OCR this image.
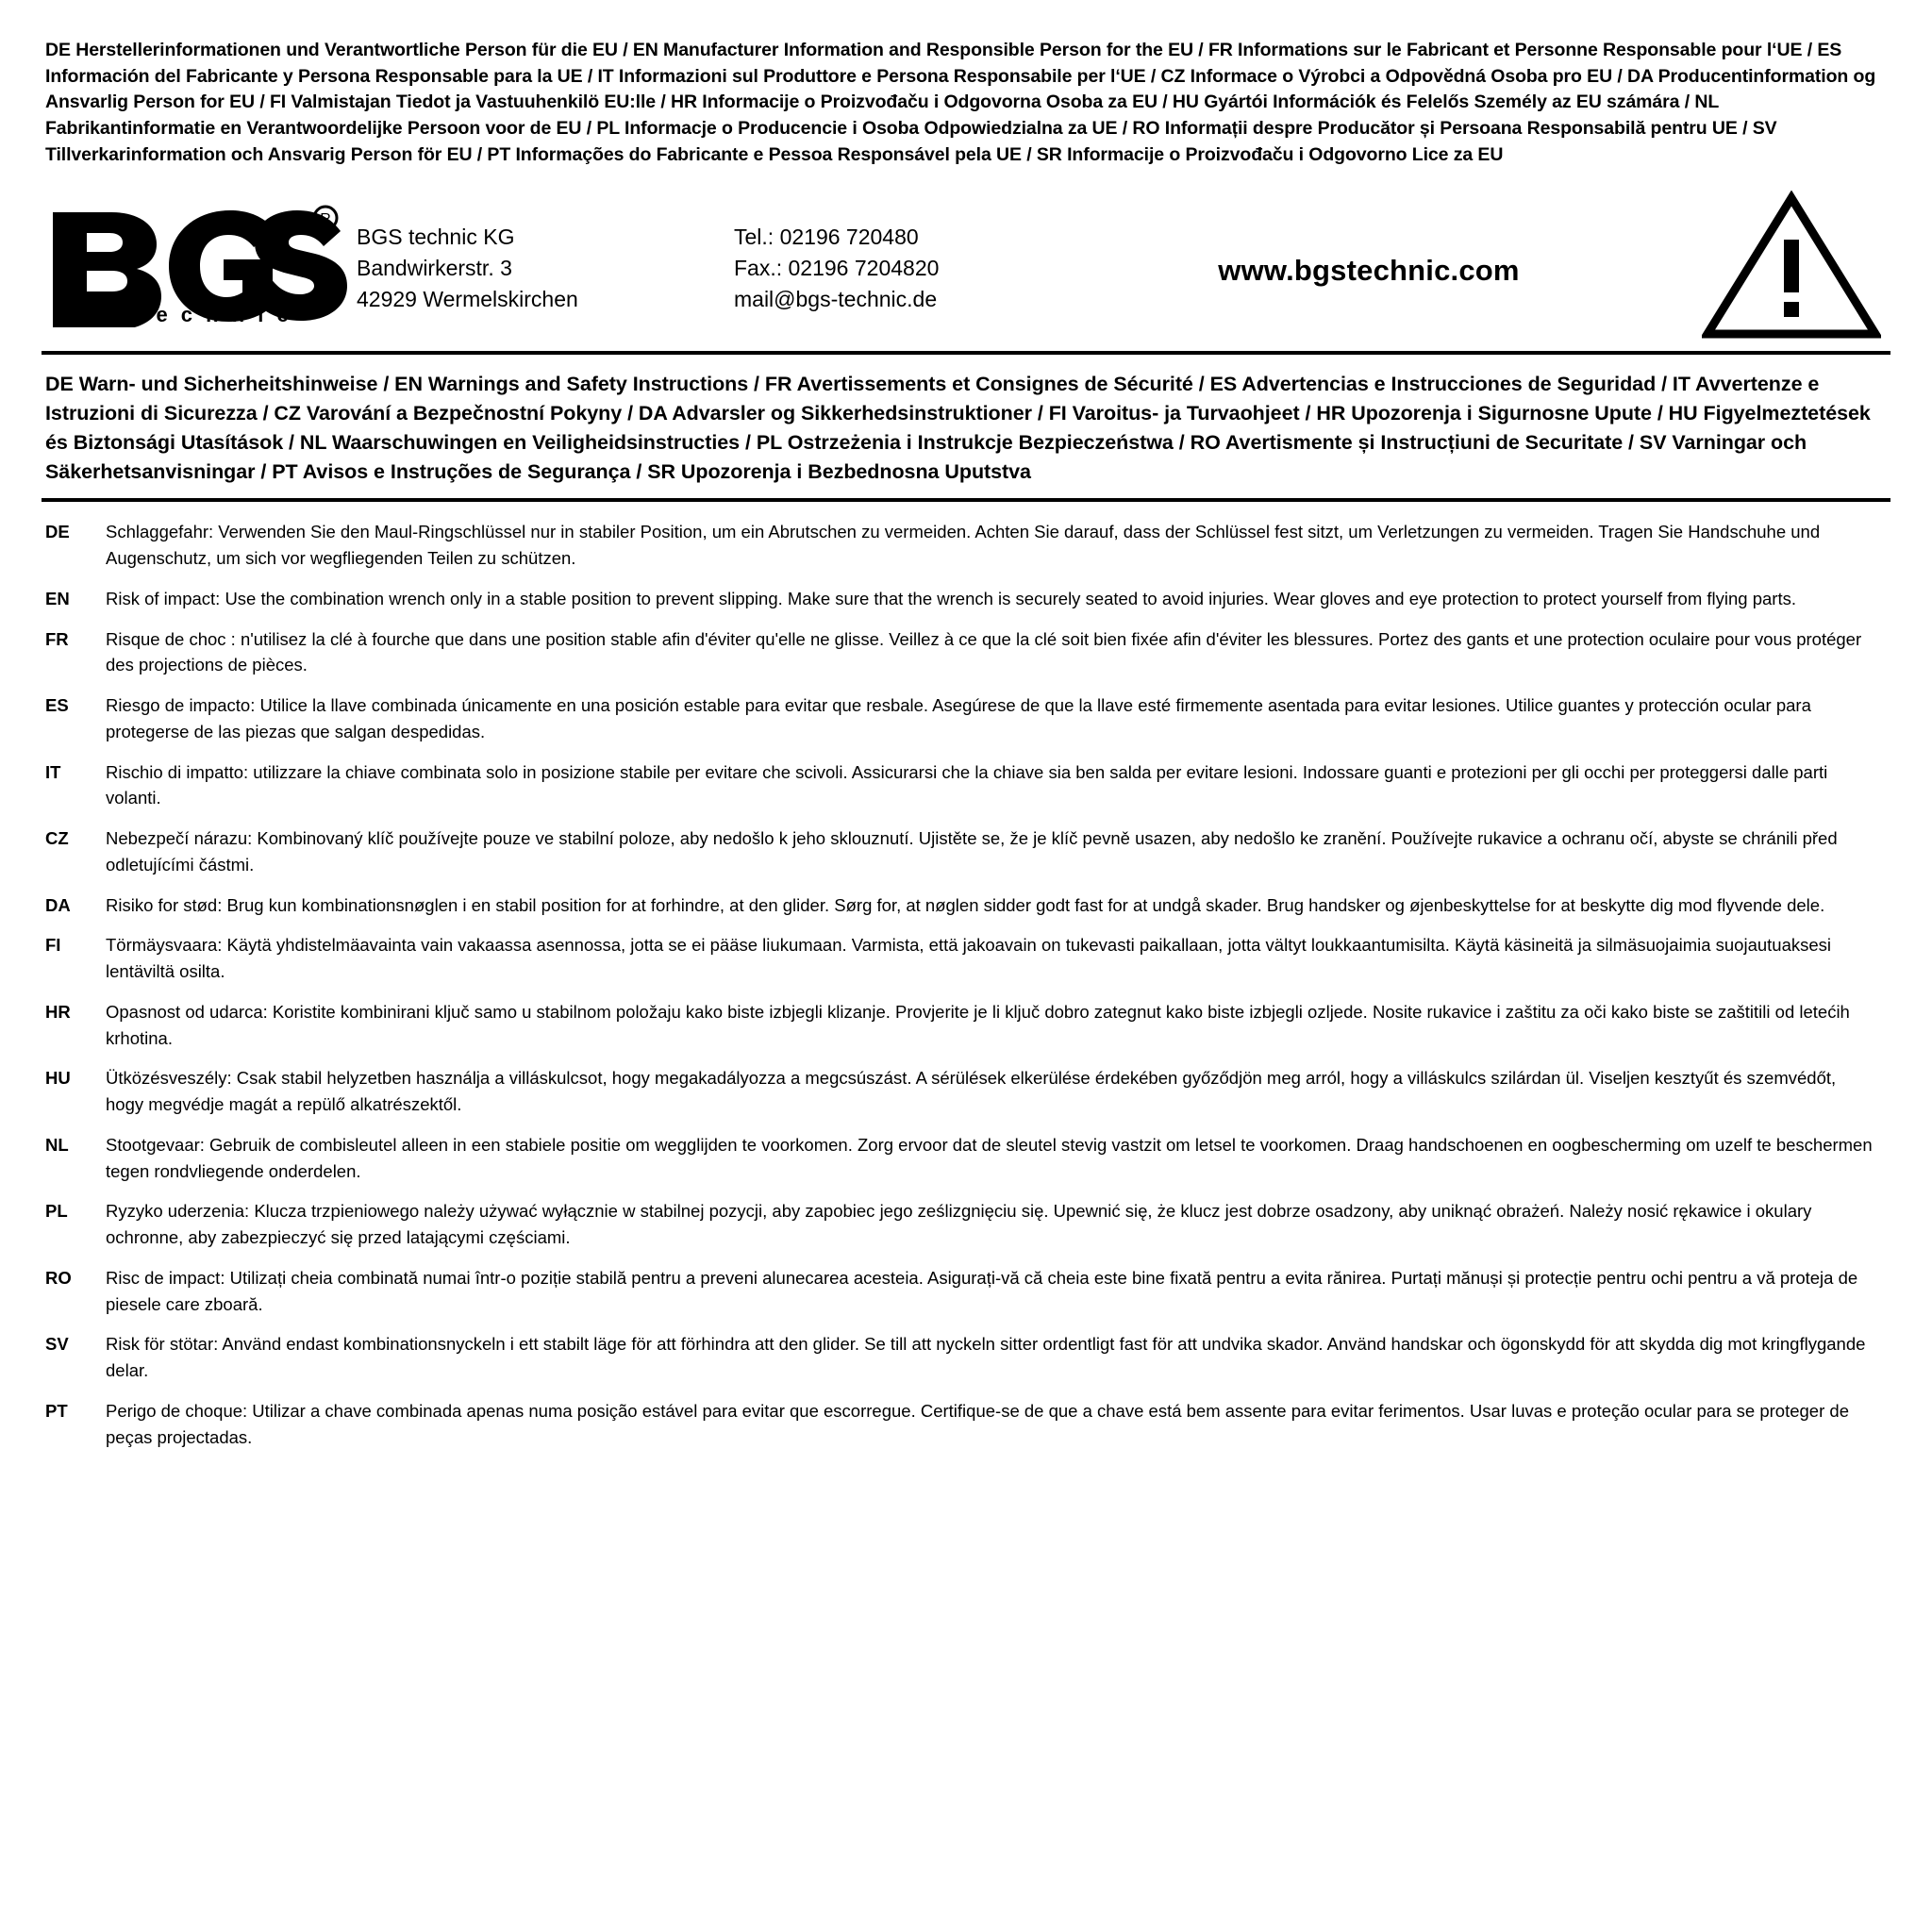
DE Herstellerinformationen und Verantwortliche Person für die EU / EN Manufacturer Information and Responsible Person for the EU / FR Informations sur le Fabricant et Personne Responsable pour l‘UE / ES Información del Fabricante y Persona Responsable para la UE / IT Informazioni sul Produttore e Persona Responsabile per l‘UE / CZ Informace o Výrobci a Odpovědná Osoba pro EU / DA Producentinformation og Ansvarlig Person for EU / FI Valmistajan Tiedot ja Vastuuhenkilö EU:lle / HR Informacije o Proizvođaču i Odgovorna Osoba za EU / HU Gyártói Információk és Felelős Személy az EU számára / NL Fabrikantinformatie en Verantwoordelijke Persoon voor de EU / PL Informacje o Producencie i Osoba Odpowiedzialna za UE / RO Informații despre Producător și Persoana Responsabilă pentru UE / SV Tillverkarinformation och Ansvarig Person för EU / PT Informações do Fabricante e Pessoa Responsável pela UE / SR Informacije o Proizvođaču i Odgovorno Lice za EU
R
t e c h n i c
BGS technic KG
Bandwirkerstr. 3
42929 Wermelskirchen
Tel.: 02196 720480
Fax.: 02196 7204820
mail@bgs-technic.de
www.bgstechnic.com
DE Warn- und Sicherheitshinweise / EN Warnings and Safety Instructions / FR Avertissements et Consignes de Sécurité / ES Advertencias e Instrucciones de Seguridad / IT Avvertenze e Istruzioni di Sicurezza / CZ Varování a Bezpečnostní Pokyny / DA Advarsler og Sikkerhedsinstruktioner / FI Varoitus- ja Turvaohjeet / HR Upozorenja i Sigurnosne Upute / HU Figyelmeztetések és Biztonsági Utasítások / NL Waarschuwingen en Veiligheidsinstructies / PL Ostrzeżenia i Instrukcje Bezpieczeństwa / RO Avertismente și Instrucțiuni de Securitate / SV Varningar och Säkerhetsanvisningar / PT Avisos e Instruções de Segurança / SR Upozorenja i Bezbednosna Uputstva
DE	Schlaggefahr: Verwenden Sie den Maul-Ringschlüssel nur in stabiler Position, um ein Abrutschen zu vermeiden. Achten Sie darauf, dass der Schlüssel fest sitzt, um Verletzungen zu vermeiden. Tragen Sie Handschuhe und Augenschutz, um sich vor wegfliegenden Teilen zu schützen.
EN	Risk of impact: Use the combination wrench only in a stable position to prevent slipping. Make sure that the wrench is securely seated to avoid injuries. Wear gloves and eye protection to protect yourself from flying parts.
FR	Risque de choc : n'utilisez la clé à fourche que dans une position stable afin d'éviter qu'elle ne glisse. Veillez à ce que la clé soit bien fixée afin d'éviter les blessures. Portez des gants et une protection oculaire pour vous protéger des projections de pièces.
ES	Riesgo de impacto: Utilice la llave combinada únicamente en una posición estable para evitar que resbale. Asegúrese de que la llave esté firmemente asentada para evitar lesiones. Utilice guantes y protección ocular para protegerse de las piezas que salgan despedidas.
IT	Rischio di impatto: utilizzare la chiave combinata solo in posizione stabile per evitare che scivoli. Assicurarsi che la chiave sia ben salda per evitare lesioni. Indossare guanti e protezioni per gli occhi per proteggersi dalle parti volanti.
CZ	Nebezpečí nárazu: Kombinovaný klíč používejte pouze ve stabilní poloze, aby nedošlo k jeho sklouznutí. Ujistěte se, že je klíč pevně usazen, aby nedošlo ke zranění. Používejte rukavice a ochranu očí, abyste se chránili před odletujícími částmi.
DA	Risiko for stød: Brug kun kombinationsnøglen i en stabil position for at forhindre, at den glider. Sørg for, at nøglen sidder godt fast for at undgå skader. Brug handsker og øjenbeskyttelse for at beskytte dig mod flyvende dele.
FI	Törmäysvaara: Käytä yhdistelmäavainta vain vakaassa asennossa, jotta se ei pääse liukumaan. Varmista, että jakoavain on tukevasti paikallaan, jotta vältyt loukkaantumisilta. Käytä käsineitä ja silmäsuojaimia suojautuaksesi lentäviltä osilta.
HR	Opasnost od udarca: Koristite kombinirani ključ samo u stabilnom položaju kako biste izbjegli klizanje. Provjerite je li ključ dobro zategnut kako biste izbjegli ozljede. Nosite rukavice i zaštitu za oči kako biste se zaštitili od letećih krhotina.
HU	Ütközésveszély: Csak stabil helyzetben használja a villáskulcsot, hogy megakadályozza a megcsúszást. A sérülések elkerülése érdekében győződjön meg arról, hogy a villáskulcs szilárdan ül. Viseljen kesztyűt és szemvédőt, hogy megvédje magát a repülő alkatrészektől.
NL	Stootgevaar: Gebruik de combisleutel alleen in een stabiele positie om wegglijden te voorkomen. Zorg ervoor dat de sleutel stevig vastzit om letsel te voorkomen. Draag handschoenen en oogbescherming om uzelf te beschermen tegen rondvliegende onderdelen.
PL	Ryzyko uderzenia: Klucza trzpieniowego należy używać wyłącznie w stabilnej pozycji, aby zapobiec jego ześlizgnięciu się. Upewnić się, że klucz jest dobrze osadzony, aby uniknąć obrażeń. Należy nosić rękawice i okulary ochronne, aby zabezpieczyć się przed latającymi częściami.
RO	Risc de impact: Utilizați cheia combinată numai într-o poziție stabilă pentru a preveni alunecarea acesteia. Asigurați-vă că cheia este bine fixată pentru a evita rănirea. Purtați mănuși și protecție pentru ochi pentru a vă proteja de piesele care zboară.
SV	Risk för stötar: Använd endast kombinationsnyckeln i ett stabilt läge för att förhindra att den glider. Se till att nyckeln sitter ordentligt fast för att undvika skador. Använd handskar och ögonskydd för att skydda dig mot kringflygande delar.
PT	Perigo de choque: Utilizar a chave combinada apenas numa posição estável para evitar que escorregue. Certifique-se de que a chave está bem assente para evitar ferimentos. Usar luvas e proteção ocular para se proteger de peças projectadas.
